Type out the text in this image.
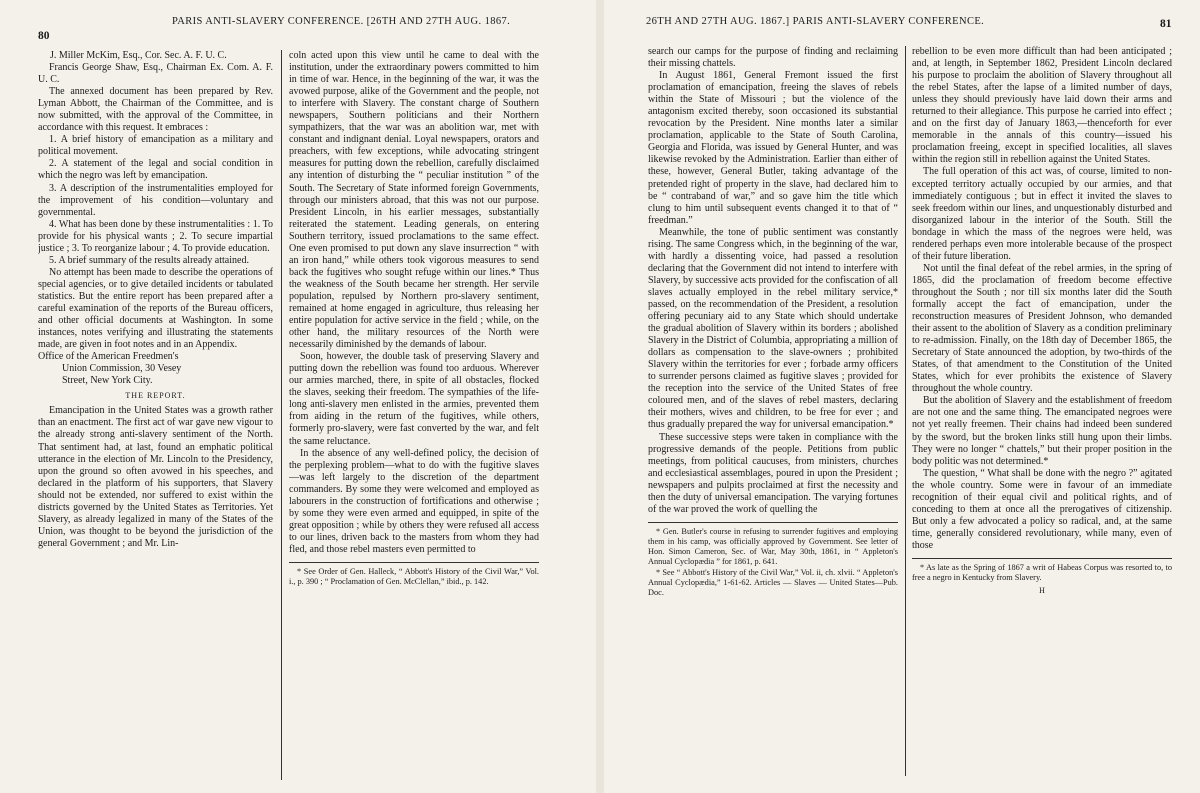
80
PARIS ANTI-SLAVERY CONFERENCE. [26TH AND 27TH AUG. 1867.

J. Miller McKim, Esq., Cor. Sec. A. F. U. C.

Francis George Shaw, Esq., Chairman Ex. Com. A. F. U. C.

The annexed document has been prepared by Rev. Lyman Abbott, the Chairman of the Committee, and is now submitted, with the approval of the Committee, in accordance with this request. It embraces :

1. A brief history of emancipation as a military and political movement.

2. A statement of the legal and social condition in which the negro was left by emancipation.

3. A description of the instrumentalities employed for the improvement of his condition—voluntary and governmental.

4. What has been done by these instrumentalities : 1. To provide for his physical wants ; 2. To secure impartial justice ; 3. To reorganize labour ; 4. To provide education.

5. A brief summary of the results already attained.

No attempt has been made to describe the operations of special agencies, or to give detailed incidents or tabulated statistics. But the entire report has been prepared after a careful examination of the reports of the Bureau officers, and other official documents at Washington. In some instances, notes verifying and illustrating the statements made, are given in foot notes and in an Appendix.

Office of the American Freedmen's

Union Commission, 30 Vesey

Street, New York City.

THE REPORT.

Emancipation in the United States was a growth rather than an enactment. The first act of war gave new vigour to the already strong anti-slavery sentiment of the North. That sentiment had, at last, found an emphatic political utterance in the election of Mr. Lincoln to the Presidency, upon the ground so often avowed in his speeches, and declared in the platform of his supporters, that Slavery should not be extended, nor suffered to exist within the districts governed by the United States as Territories. Yet Slavery, as already legalized in many of the States of the Union, was thought to be beyond the jurisdiction of the general Government ; and Mr. Lin-

coln acted upon this view until he came to deal with the institution, under the extraordinary powers committed to him in time of war. Hence, in the beginning of the war, it was the avowed purpose, alike of the Government and the people, not to interfere with Slavery. The constant charge of Southern newspapers, Southern politicians and their Northern sympathizers, that the war was an abolition war, met with constant and indignant denial. Loyal newspapers, orators and preachers, with few exceptions, while advocating stringent measures for putting down the rebellion, carefully disclaimed any intention of disturbing the “ peculiar institution ” of the South. The Secretary of State informed foreign Governments, through our ministers abroad, that this was not our purpose. President Lincoln, in his earlier messages, substantially reiterated the statement. Leading generals, on entering Southern territory, issued proclamations to the same effect. One even promised to put down any slave insurrection “ with an iron hand,” while others took vigorous measures to send back the fugitives who sought refuge within our lines.* Thus the weakness of the South became her strength. Her servile population, repulsed by Northern pro-slavery sentiment, remained at home engaged in agriculture, thus releasing her entire population for active service in the field ; while, on the other hand, the military resources of the North were necessarily diminished by the demands of labour.

Soon, however, the double task of preserving Slavery and putting down the rebellion was found too arduous. Wherever our armies marched, there, in spite of all obstacles, flocked the slaves, seeking their freedom. The sympathies of the life-long anti-slavery men enlisted in the armies, prevented them from aiding in the return of the fugitives, while others, formerly pro-slavery, were fast converted by the war, and felt the same reluctance.

In the absence of any well-defined policy, the decision of the perplexing problem—what to do with the fugitive slaves—was left largely to the discretion of the department commanders. By some they were welcomed and employed as labourers in the construction of fortifications and otherwise ; by some they were even armed and equipped, in spite of the great opposition ; while by others they were refused all access to our lines, driven back to the masters from whom they had fled, and those rebel masters even permitted to

* See Order of Gen. Halleck, “ Abbott's History of the Civil War,” Vol. i., p. 390 ; “ Proclamation of Gen. McClellan,” ibid., p. 142.

26TH AND 27TH AUG. 1867.] PARIS ANTI-SLAVERY CONFERENCE.	81

search our camps for the purpose of finding and reclaiming their missing chattels.

In August 1861, General Fremont issued the first proclamation of emancipation, freeing the slaves of rebels within the State of Missouri ; but the violence of the antagonism excited thereby, soon occasioned its substantial revocation by the President. Nine months later a similar proclamation, applicable to the State of South Carolina, Georgia and Florida, was issued by General Hunter, and was likewise revoked by the Administration. Earlier than either of these, however, General Butler, taking advantage of the pretended right of property in the slave, had declared him to be “ contraband of war,” and so gave him the title which clung to him until subsequent events changed it to that of “ freedman.”

Meanwhile, the tone of public sentiment was constantly rising. The same Congress which, in the beginning of the war, with hardly a dissenting voice, had passed a resolution declaring that the Government did not intend to interfere with Slavery, by successive acts provided for the confiscation of all slaves actually employed in the rebel military service,* passed, on the recommendation of the President, a resolution offering pecuniary aid to any State which should undertake the gradual abolition of Slavery within its borders ; abolished Slavery in the District of Columbia, appropriating a million of dollars as compensation to the slave-owners ; prohibited Slavery within the territories for ever ; forbade army officers to surrender persons claimed as fugitive slaves ; provided for the reception into the service of the United States of free coloured men, and of the slaves of rebel masters, declaring their mothers, wives and children, to be free for ever ; and thus gradually prepared the way for universal emancipation.*

These successive steps were taken in compliance with the progressive demands of the people. Petitions from public meetings, from political caucuses, from ministers, churches and ecclesiastical assemblages, poured in upon the President ; newspapers and pulpits proclaimed at first the necessity and then the duty of universal emancipation. The varying fortunes of the war proved the work of quelling the

* Gen. Butler's course in refusing to surrender fugitives and employing them in his camp, was officially approved by Government. See letter of Hon. Simon Cameron, Sec. of War, May 30th, 1861, in “ Appleton's Annual Cyclopædia ” for 1861, p. 641.

* See “ Abbott's History of the Civil War,” Vol. ii, ch. xlvii. “ Appleton's Annual Cyclopædia,” 1-61-62. Articles — Slaves — United States—Pub. Doc.

rebellion to be even more difficult than had been anticipated ; and, at length, in September 1862, President Lincoln declared his purpose to proclaim the abolition of Slavery throughout all the rebel States, after the lapse of a limited number of days, unless they should previously have laid down their arms and returned to their allegiance. This purpose he carried into effect ; and on the first day of January 1863,—thenceforth for ever memorable in the annals of this country—issued his proclamation freeing, except in specified localities, all slaves within the region still in rebellion against the United States.

The full operation of this act was, of course, limited to non-excepted territory actually occupied by our armies, and that immediately contiguous ; but in effect it invited the slaves to seek freedom within our lines, and unquestionably disturbed and disorganized labour in the interior of the South. Still the bondage in which the mass of the negroes were held, was rendered perhaps even more intolerable because of the prospect of their future liberation.

Not until the final defeat of the rebel armies, in the spring of 1865, did the proclamation of freedom become effective throughout the South ; nor till six months later did the South formally accept the fact of emancipation, under the reconstruction measures of President Johnson, who demanded their assent to the abolition of Slavery as a condition preliminary to re-admission. Finally, on the 18th day of December 1865, the Secretary of State announced the adoption, by two-thirds of the States, of that amendment to the Constitution of the United States, which for ever prohibits the existence of Slavery throughout the whole country.

But the abolition of Slavery and the establishment of freedom are not one and the same thing. The emancipated negroes were not yet really freemen. Their chains had indeed been sundered by the sword, but the broken links still hung upon their limbs. They were no longer “ chattels,” but their proper position in the body politic was not determined.*

The question, “ What shall be done with the negro ?” agitated the whole country. Some were in favour of an immediate recognition of their equal civil and political rights, and of conceding to them at once all the prerogatives of citizenship. But only a few advocated a policy so radical, and, at the same time, generally considered revolutionary, while many, even of those

* As late as the Spring of 1867 a writ of Habeas Corpus was resorted to, to free a negro in Kentucky from Slavery.

H
